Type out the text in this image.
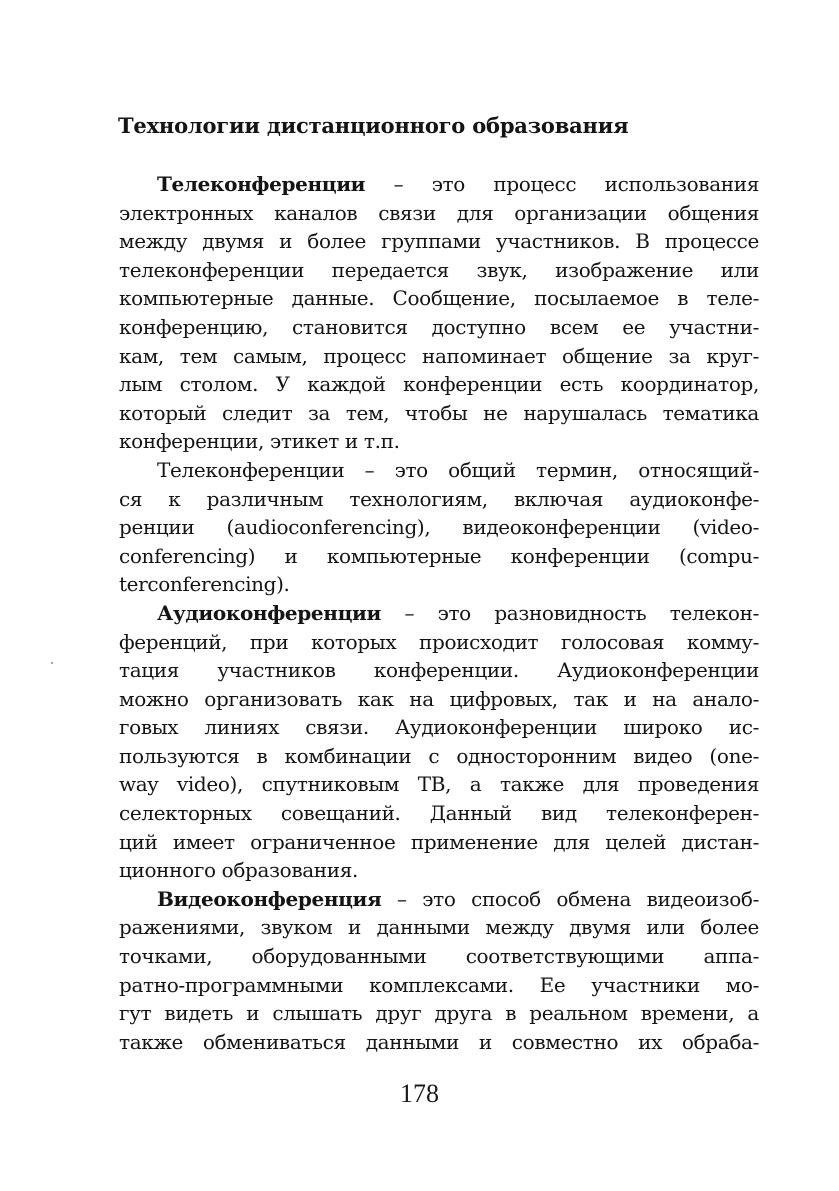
Технологии дистанционного образования

Телеконференции – это процесс использования
электронных каналов связи для организации общения
между двумя и более группами участников. В процессе
телеконференции передается звук, изображение или
компьютерные данные. Сообщение, посылаемое в теле-
конференцию, становится доступно всем ее участни-
кам, тем самым, процесс напоминает общение за круг-
лым столом. У каждой конференции есть координатор,
который следит за тем, чтобы не нарушалась тематика
конференции, этикет и т.п.

Телеконференции – это общий термин, относящий-
ся к различным технологиям, включая аудиоконфе-
ренции (audioconferencing), видеоконференции (video-
conferencing) и компьютерные конференции (compu-
terconferencing).

Аудиоконференции – это разновидность телекон-
ференций, при которых происходит голосовая комму-
тация участников конференции. Аудиоконференции
можно организовать как на цифровых, так и на анало-
говых линиях связи. Аудиоконференции широко ис-
пользуются в комбинации с односторонним видео (one-
way video), спутниковым ТВ, а также для проведения
селекторных совещаний. Данный вид телеконферен-
ций имеет ограниченное применение для целей дистан-
ционного образования.

Видеоконференция – это способ обмена видеоизоб-
ражениями, звуком и данными между двумя или более
точками, оборудованными соответствующими аппа-
ратно-программными комплексами. Ее участники мо-
гут видеть и слышать друг друга в реальном времени, а
также обмениваться данными и совместно их обраба-

178
